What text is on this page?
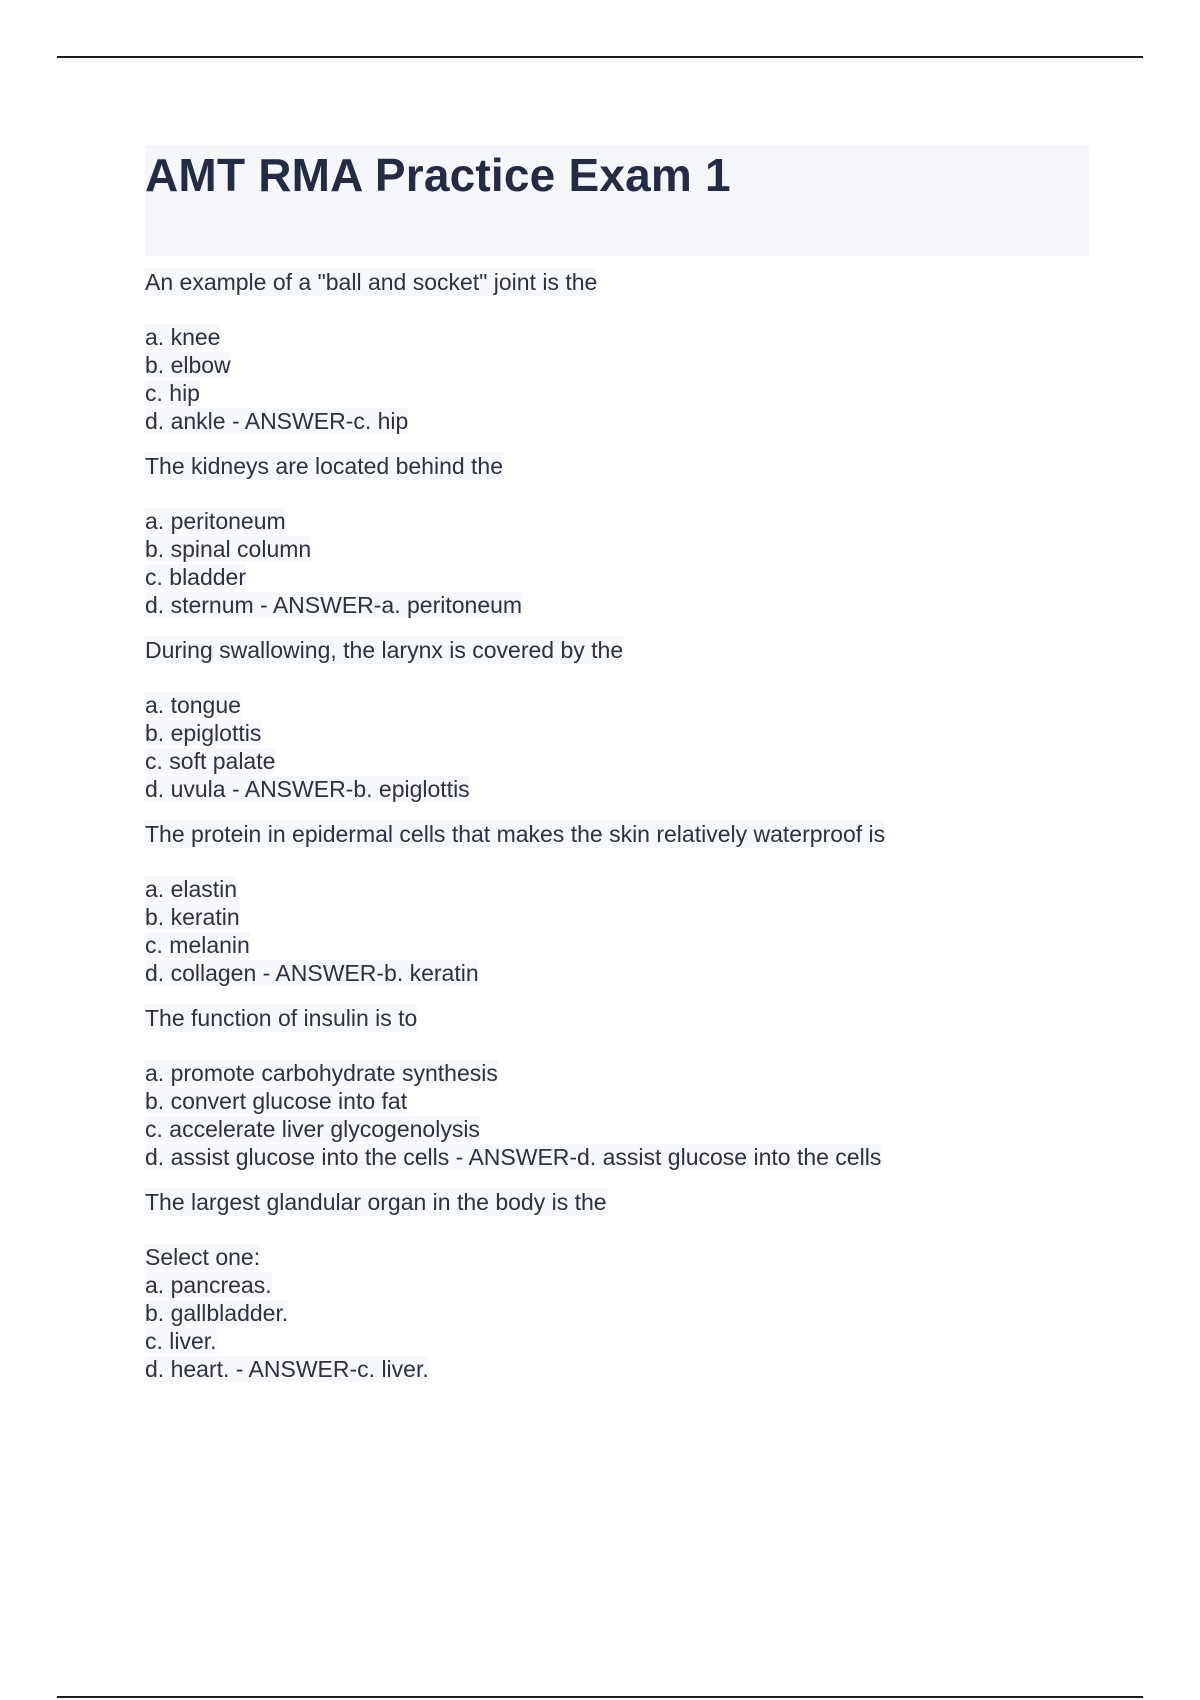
AMT RMA Practice Exam 1
An example of a "ball and socket" joint is the
a. knee
b. elbow
c. hip
d. ankle - ANSWER-c. hip
The kidneys are located behind the
a. peritoneum
b. spinal column
c. bladder
d. sternum - ANSWER-a. peritoneum
During swallowing, the larynx is covered by the
a. tongue
b. epiglottis
c. soft palate
d. uvula - ANSWER-b. epiglottis
The protein in epidermal cells that makes the skin relatively waterproof is
a. elastin
b. keratin
c. melanin
d. collagen - ANSWER-b. keratin
The function of insulin is to
a. promote carbohydrate synthesis
b. convert glucose into fat
c. accelerate liver glycogenolysis
d. assist glucose into the cells - ANSWER-d. assist glucose into the cells
The largest glandular organ in the body is the
Select one:
a. pancreas.
b. gallbladder.
c. liver.
d. heart. - ANSWER-c. liver.
